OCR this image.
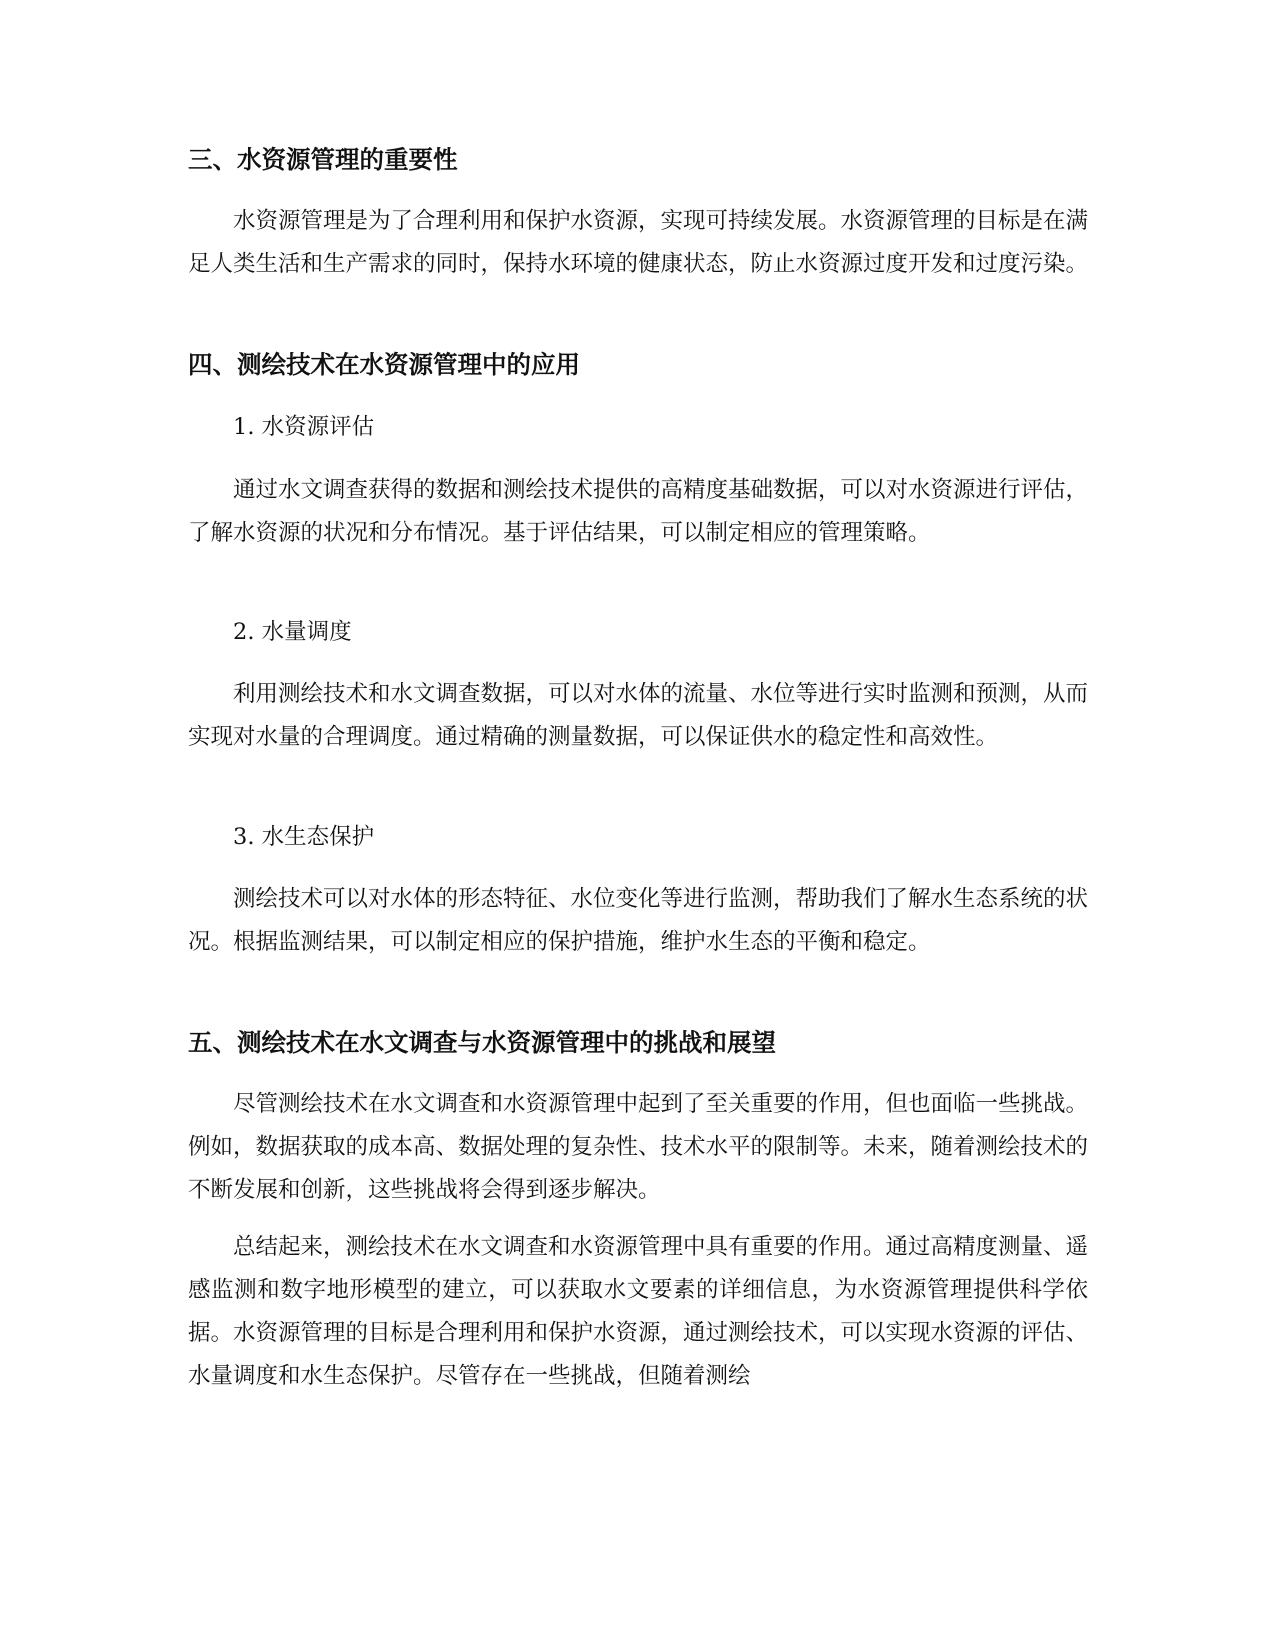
三、水资源管理的重要性

水资源管理是为了合理利用和保护水资源，实现可持续发展。水资源管理的目标是在满足人类生活和生产需求的同时，保持水环境的健康状态，防止水资源过度开发和过度污染。

四、测绘技术在水资源管理中的应用
1. 水资源评估

通过水文调查获得的数据和测绘技术提供的高精度基础数据，可以对水资源进行评估，了解水资源的状况和分布情况。基于评估结果，可以制定相应的管理策略。

2. 水量调度

利用测绘技术和水文调查数据，可以对水体的流量、水位等进行实时监测和预测，从而实现对水量的合理调度。通过精确的测量数据，可以保证供水的稳定性和高效性。

3. 水生态保护

测绘技术可以对水体的形态特征、水位变化等进行监测，帮助我们了解水生态系统的状况。根据监测结果，可以制定相应的保护措施，维护水生态的平衡和稳定。

五、测绘技术在水文调查与水资源管理中的挑战和展望

尽管测绘技术在水文调查和水资源管理中起到了至关重要的作用，但也面临一些挑战。例如，数据获取的成本高、数据处理的复杂性、技术水平的限制等。未来，随着测绘技术的不断发展和创新，这些挑战将会得到逐步解决。

总结起来，测绘技术在水文调查和水资源管理中具有重要的作用。通过高精度测量、遥感监测和数字地形模型的建立，可以获取水文要素的详细信息，为水资源管理提供科学依据。水资源管理的目标是合理利用和保护水资源，通过测绘技术，可以实现水资源的评估、水量调度和水生态保护。尽管存在一些挑战，但随着测绘
